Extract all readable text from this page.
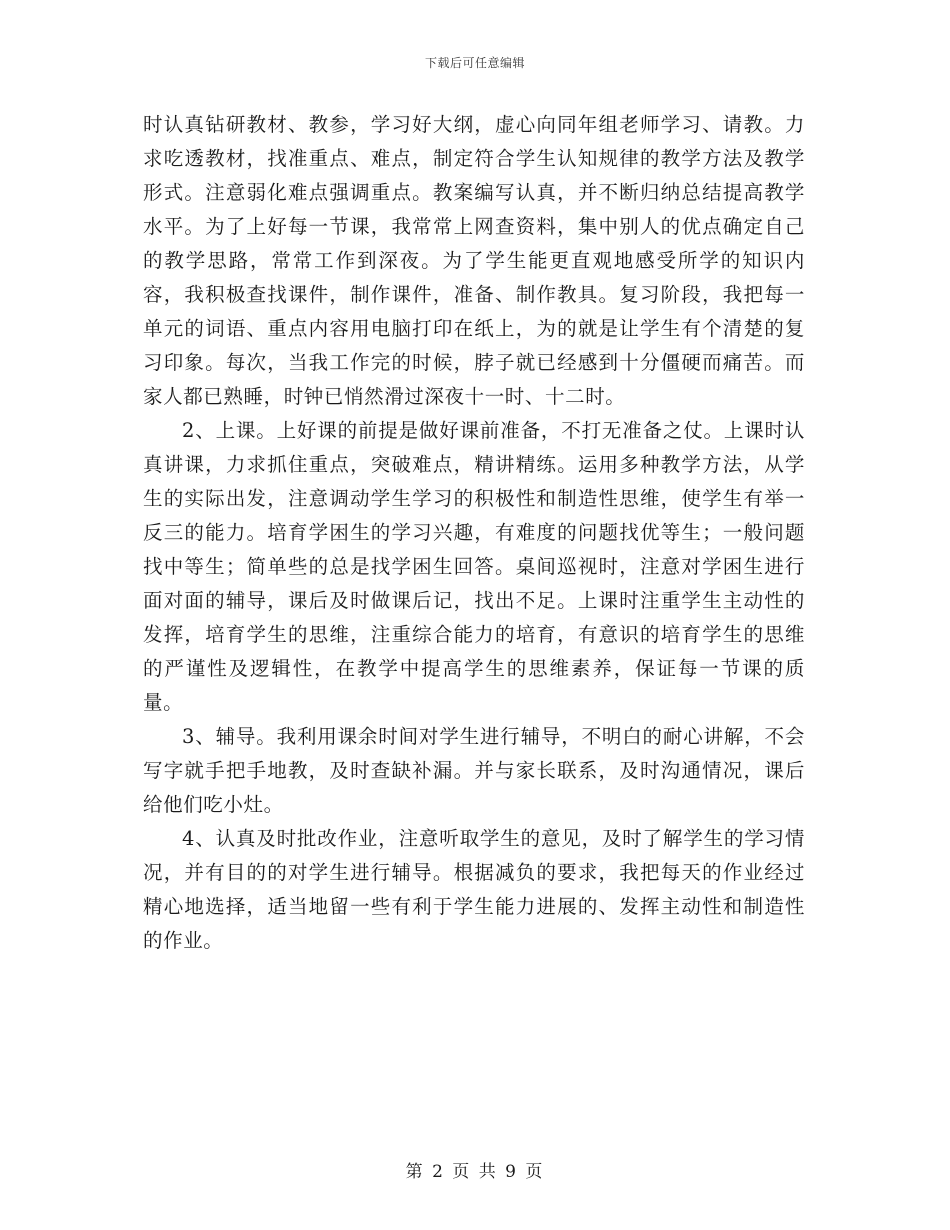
下载后可任意编辑

时认真钻研教材、教参，学习好大纲，虚心向同年组老师学习、请教。力求吃透教材，找准重点、难点，制定符合学生认知规律的教学方法及教学形式。注意弱化难点强调重点。教案编写认真，并不断归纳总结提高教学水平。为了上好每一节课，我常常上网查资料，集中别人的优点确定自己的教学思路，常常工作到深夜。为了学生能更直观地感受所学的知识内容，我积极查找课件，制作课件，准备、制作教具。复习阶段，我把每一单元的词语、重点内容用电脑打印在纸上，为的就是让学生有个清楚的复习印象。每次，当我工作完的时候，脖子就已经感到十分僵硬而痛苦。而家人都已熟睡，时钟已悄然滑过深夜十一时、十二时。

2、上课。上好课的前提是做好课前准备，不打无准备之仗。上课时认真讲课，力求抓住重点，突破难点，精讲精练。运用多种教学方法，从学生的实际出发，注意调动学生学习的积极性和制造性思维，使学生有举一反三的能力。培育学困生的学习兴趣，有难度的问题找优等生；一般问题找中等生；简单些的总是找学困生回答。桌间巡视时，注意对学困生进行面对面的辅导，课后及时做课后记，找出不足。上课时注重学生主动性的发挥，培育学生的思维，注重综合能力的培育，有意识的培育学生的思维的严谨性及逻辑性，在教学中提高学生的思维素养，保证每一节课的质量。

3、辅导。我利用课余时间对学生进行辅导，不明白的耐心讲解，不会写字就手把手地教，及时查缺补漏。并与家长联系，及时沟通情况，课后给他们吃小灶。

4、认真及时批改作业，注意听取学生的意见，及时了解学生的学习情况，并有目的的对学生进行辅导。根据减负的要求，我把每天的作业经过精心地选择，适当地留一些有利于学生能力进展的、发挥主动性和制造性的作业。

第 2 页 共 9 页
